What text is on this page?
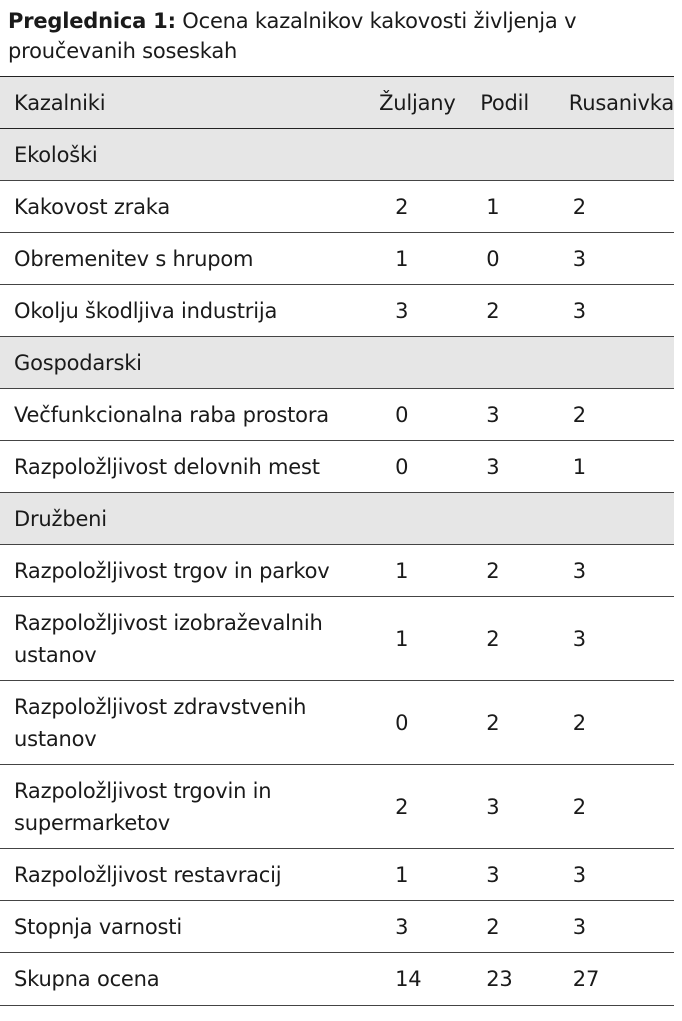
Preglednica 1: Ocena kazalnikov kakovosti življenja v proučevanih soseskah
Kazalniki	Žuljany	Podil	Rusanivka
Ekološki			
Kakovost zraka	2	1	2
Obremenitev s hrupom	1	0	3
Okolju škodljiva industrija	3	2	3
Gospodarski			
Večfunkcionalna raba prostora	0	3	2
Razpoložljivost delovnih mest	0	3	1
Družbeni			
Razpoložljivost trgov in parkov	1	2	3
Razpoložljivost izobraževalnih ustanov	1	2	3
Razpoložljivost zdravstvenih ustanov	0	2	2
Razpoložljivost trgovin in supermarketov	2	3	2
Razpoložljivost restavracij	1	3	3
Stopnja varnosti	3	2	3
Skupna ocena	14	23	27
